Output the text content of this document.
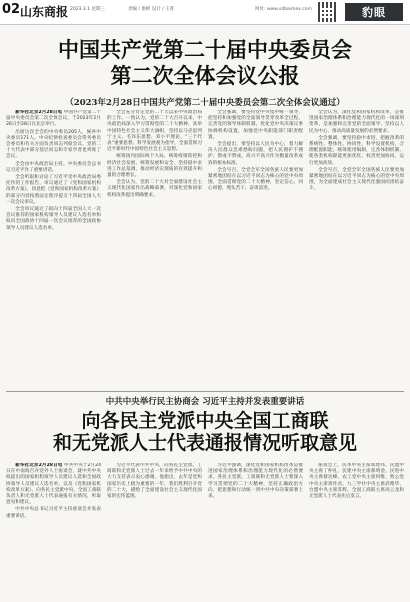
02 山东商报 2023.3.1 星期三	责编 / 康彬 设计 / 王菁	网址: www.sdbaimex.com	豹眼
中国共产党第二十届中央委员会
第二次全体会议公报
（2023年2月28日中国共产党第二十届中央委员会第二次全体会议通过）

新华社北京2月28日电 中国共产党第二十届中央委员会第二次全体会议，于2023年2月26日至28日在北京举行。

出席这次全会的中央委员205人，候补中央委员171人。中央纪律检查委员会常务委员会委员和有关方面负责同志列席会议。党的二十大代表中部分基层同志和专家学者也列席了会议。

全会由中央政治局主持。中央委员会总书记习近平作了重要讲话。

全会听取和讨论了习近平受中央政治局委托作的工作报告，审议通过了《党和国家机构改革方案》，同意把《党和国家机构改革方案》的部分内容按照法定程序提交十四届全国人大一次会议审议。

全会审议通过了拟向十四届全国人大一次会议推荐的国家机构领导人员建议人选名单和拟向全国政协十四届一次会议推荐的全国政协领导人员建议人选名单。

全会充分肯定党的二十大以来中央政治局的工作。一致认为，党的二十大召开以来，中央政治局深入学习贯彻党的二十大精神，高举中国特色社会主义伟大旗帜，坚持以马克思列宁主义、毛泽东思想、邓小平理论、“三个代表”重要思想、科学发展观为指导，全面贯彻习近平新时代中国特色社会主义思想。

统筹国内国际两个大局，统筹疫情防控和经济社会发展，统筹发展和安全，坚持稳中求进工作总基调，推动经济实现质的有效提升和量的合理增长。

全会认为，党的二十大对全面建设社会主义现代化国家作出战略部署，对深化党和国家机构改革提出明确要求。

全会强调，要坚持党中央集中统一领导，把坚持和加强党的全面领导贯穿改革全过程，完善党的领导体制机制，优化党中央决策议事协调机构设置，加强党中央职能部门职责配置。

全会提出，要坚持以人民为中心，着力解决人民群众急难愁盼问题，把人民拥护不拥护、赞成不赞成、高兴不高兴作为衡量改革成效的根本标准。

全会号召，全党全军全国各族人民要更加紧密地团结在以习近平同志为核心的党中央周围，全面贯彻党的二十大精神，坚定信心、同心同德，埋头苦干、奋勇前进。

全会认为，深化党和国家机构改革，是推进国家治理体系和治理能力现代化的一场深刻变革，是加强和完善党的全面领导、坚持以人民为中心、推动高质量发展的必然要求。

全会强调，要坚持稳中求进，把握改革的系统性、整体性、协同性，科学设置机构，合理配置职能，统筹使用编制，完善体制机制，使各类机构职能更加优化、权责更加协同、运行更加高效。

全会号召，全党全军全国各族人民要更加紧密地团结在以习近平同志为核心的党中央周围，为全面建成社会主义现代化强国而团结奋斗。

中共中央举行民主协商会 习近平主持并发表重要讲话
向各民主党派中央全国工商联
和无党派人士代表通报情况听取意见

新华社北京2月28日电 中共中央于2月24日在中南海召开党外人士座谈会，就中共中央拟提出的国家机构领导人员建议人选和全国政协领导人员建议人选名单，以及《党和国家机构改革方案》，向各民主党派中央、全国工商联负责人和无党派人士代表通报有关情况，听取意见和建议。

中共中央总书记习近平主持座谈会并发表重要讲话。

习近平代表中共中央，向各民主党派、工商联和无党派人士过去一年来给予中共中央的大力支持表示衷心感谢。他指出，去年是党和国家历史上极为重要的一年，我们胜利召开党的二十大，描绘了全面建设社会主义现代化国家的宏伟蓝图。

习近平强调，深化党和国家机构改革是推进国家治理体系和治理能力现代化的必然要求。各民主党派、工商联和无党派人士要深入学习贯彻党的二十大精神，坚持正确政治方向，把思想和行动统一到中共中央决策部署上来。

座谈会上，民革中央主席郑建邦、民盟中央主席丁仲礼、民建中央主席郝明金、民进中央主席蔡达峰、农工党中央主席何维、致公党中央主席蒋作君、九三学社中央主席武维华、台盟中央主席苏辉、全国工商联主席高云龙和无党派人士代表先后发言。
